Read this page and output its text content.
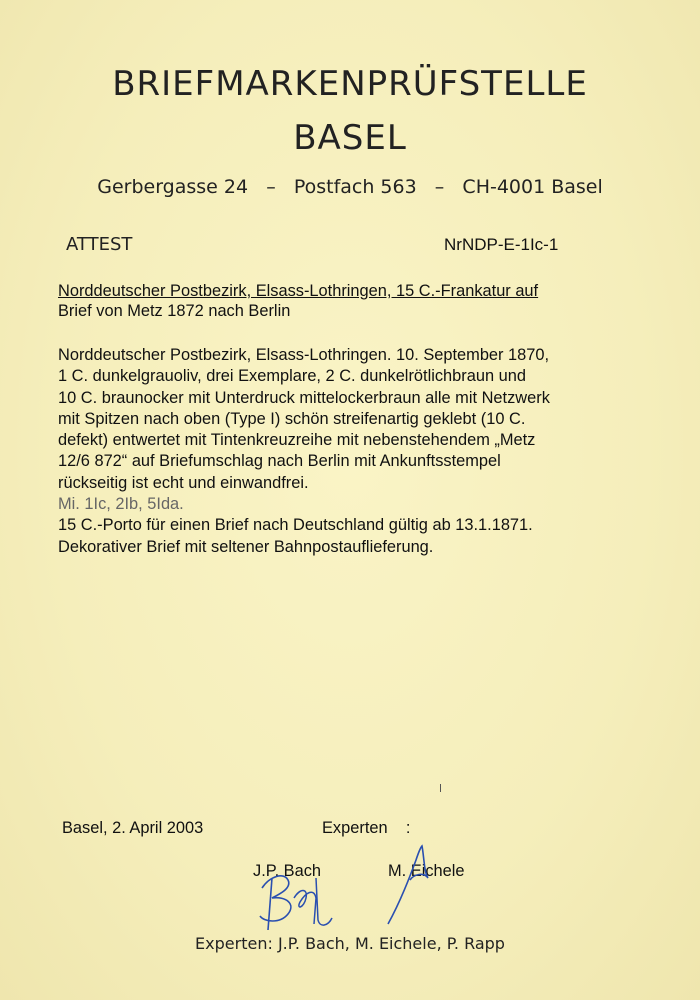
BRIEFMARKENPRÜFSTELLE
BASEL
Gerbergasse 24   –   Postfach 563   –   CH-4001 Basel
ATTEST	NrNDP-E-1Ic-1
Norddeutscher Postbezirk, Elsass-Lothringen, 15 C.-Frankatur auf
Brief von Metz 1872 nach Berlin
Norddeutscher Postbezirk, Elsass-Lothringen. 10. September 1870,
1 C. dunkelgrauoliv, drei Exemplare, 2 C. dunkelrötlichbraun und
10 C. braunocker mit Unterdruck mittelockerbraun alle mit Netzwerk
mit Spitzen nach oben (Type I) schön streifenartig geklebt (10 C.
defekt) entwertet mit Tintenkreuzreihe mit nebenstehendem „Metz
12/6 872“ auf Briefumschlag nach Berlin mit Ankunftsstempel
rückseitig ist echt und einwandfrei.
Mi. 1Ic, 2Ib, 5Ida.
15 C.-Porto für einen Brief nach Deutschland gültig ab 13.1.1871.
Dekorativer Brief mit seltener Bahnpostauflieferung.
Basel, 2. April 2003	Experten    :
J.P. Bach	M. Eichele
Experten: J.P. Bach, M. Eichele, P. Rapp
